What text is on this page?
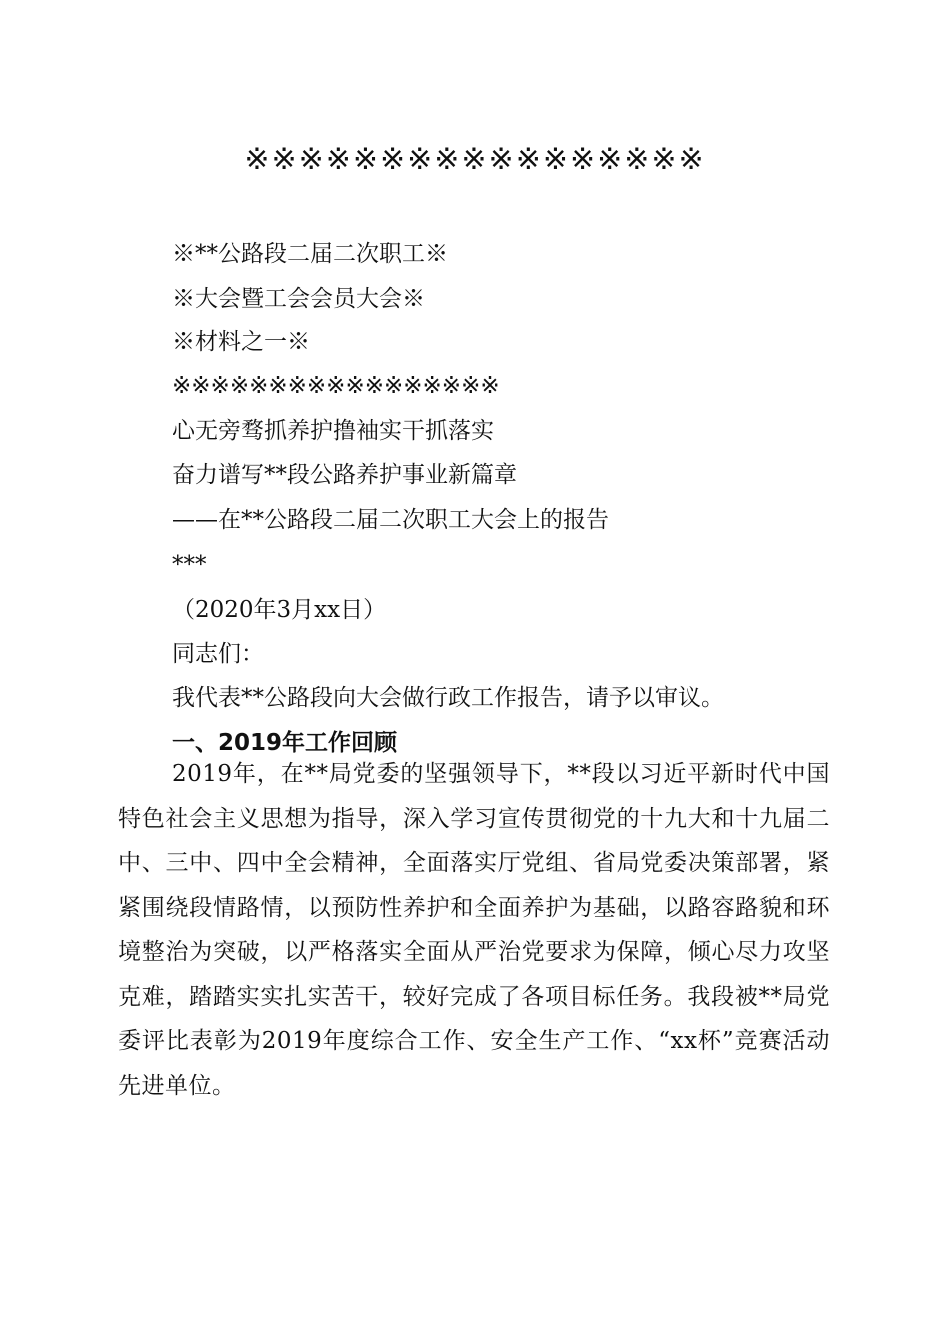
※※※※※※※※※※※※※※※※※
※**公路段二届二次职工※
※大会暨工会会员大会※
※材料之一※
※※※※※※※※※※※※※※※※※
心无旁骛抓养护撸袖实干抓落实
奋力谱写**段公路养护事业新篇章
——在**公路段二届二次职工大会上的报告
***
（2020年3月xx日）
同志们：
我代表**公路段向大会做行政工作报告，请予以审议。
一、2019年工作回顾
2019年，在**局党委的坚强领导下，**段以习近平新时代中国特色社会主义思想为指导，深入学习宣传贯彻党的十九大和十九届二中、三中、四中全会精神，全面落实厅党组、省局党委决策部署，紧紧围绕段情路情，以预防性养护和全面养护为基础，以路容路貌和环境整治为突破，以严格落实全面从严治党要求为保障，倾心尽力攻坚克难，踏踏实实扎实苦干，较好完成了各项目标任务。我段被**局党委评比表彰为2019年度综合工作、安全生产工作、“xx杯”竞赛活动先进单位。
